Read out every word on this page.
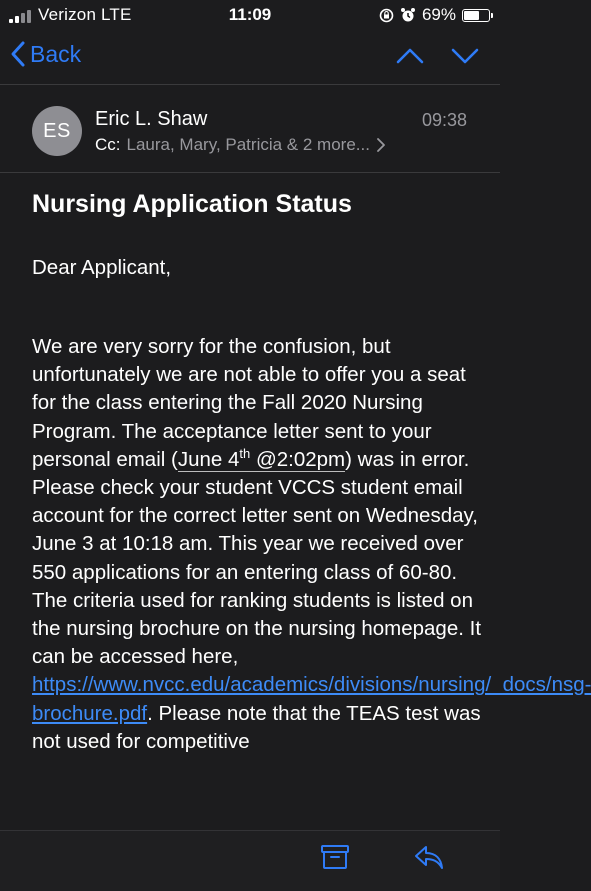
Verizon LTE	11:09	69%
Back
ES
Eric L. Shaw	09:38
Cc: Laura, Mary, Patricia & 2 more...
Nursing Application Status
Dear Applicant,
We are very sorry for the confusion, but unfortunately we are not able to offer you a seat for the class entering the Fall 2020 Nursing Program. The acceptance letter sent to your personal email (June 4th @2:02pm) was in error. Please check your student VCCS student email account for the correct letter sent on Wednesday, June 3 at 10:18 am. This year we received over 550 applications for an entering class of 60-80. The criteria used for ranking students is listed on the nursing brochure on the nursing homepage. It can be accessed here, https://www.nvcc.edu/academics/divisions/nursing/_docs/nsg-brochure.pdf. Please note that the TEAS test was not used for competitive
